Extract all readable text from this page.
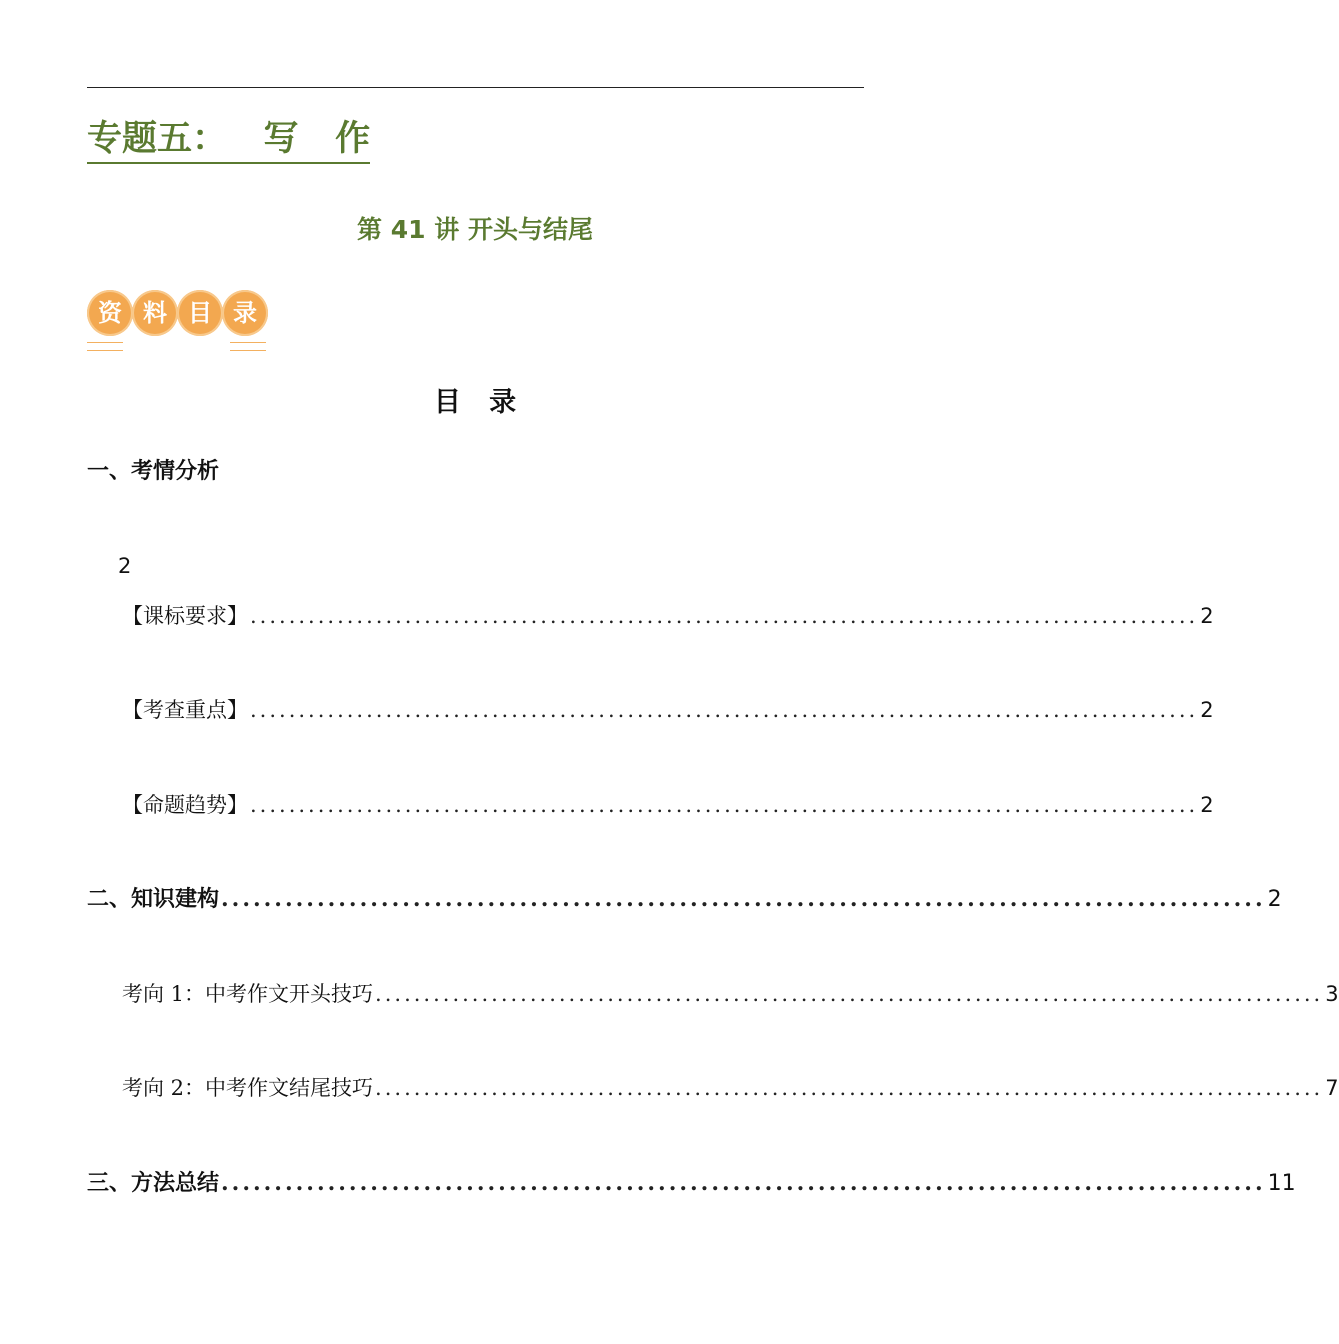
专题五：   写   作
第 41 讲 开头与结尾
资 料 目 录
目   录
一、考情分析
2
【课标要求】 .................................................................................................. 2
【考查重点】 .................................................................................................. 2
【命题趋势】 .................................................................................................. 2
二、知识建构 .................................................................................................. 2
考向 1：中考作文开头技巧 .................................................................................................. 3
考向 2：中考作文结尾技巧 .................................................................................................. 7
三、方法总结 .................................................................................................. 11
